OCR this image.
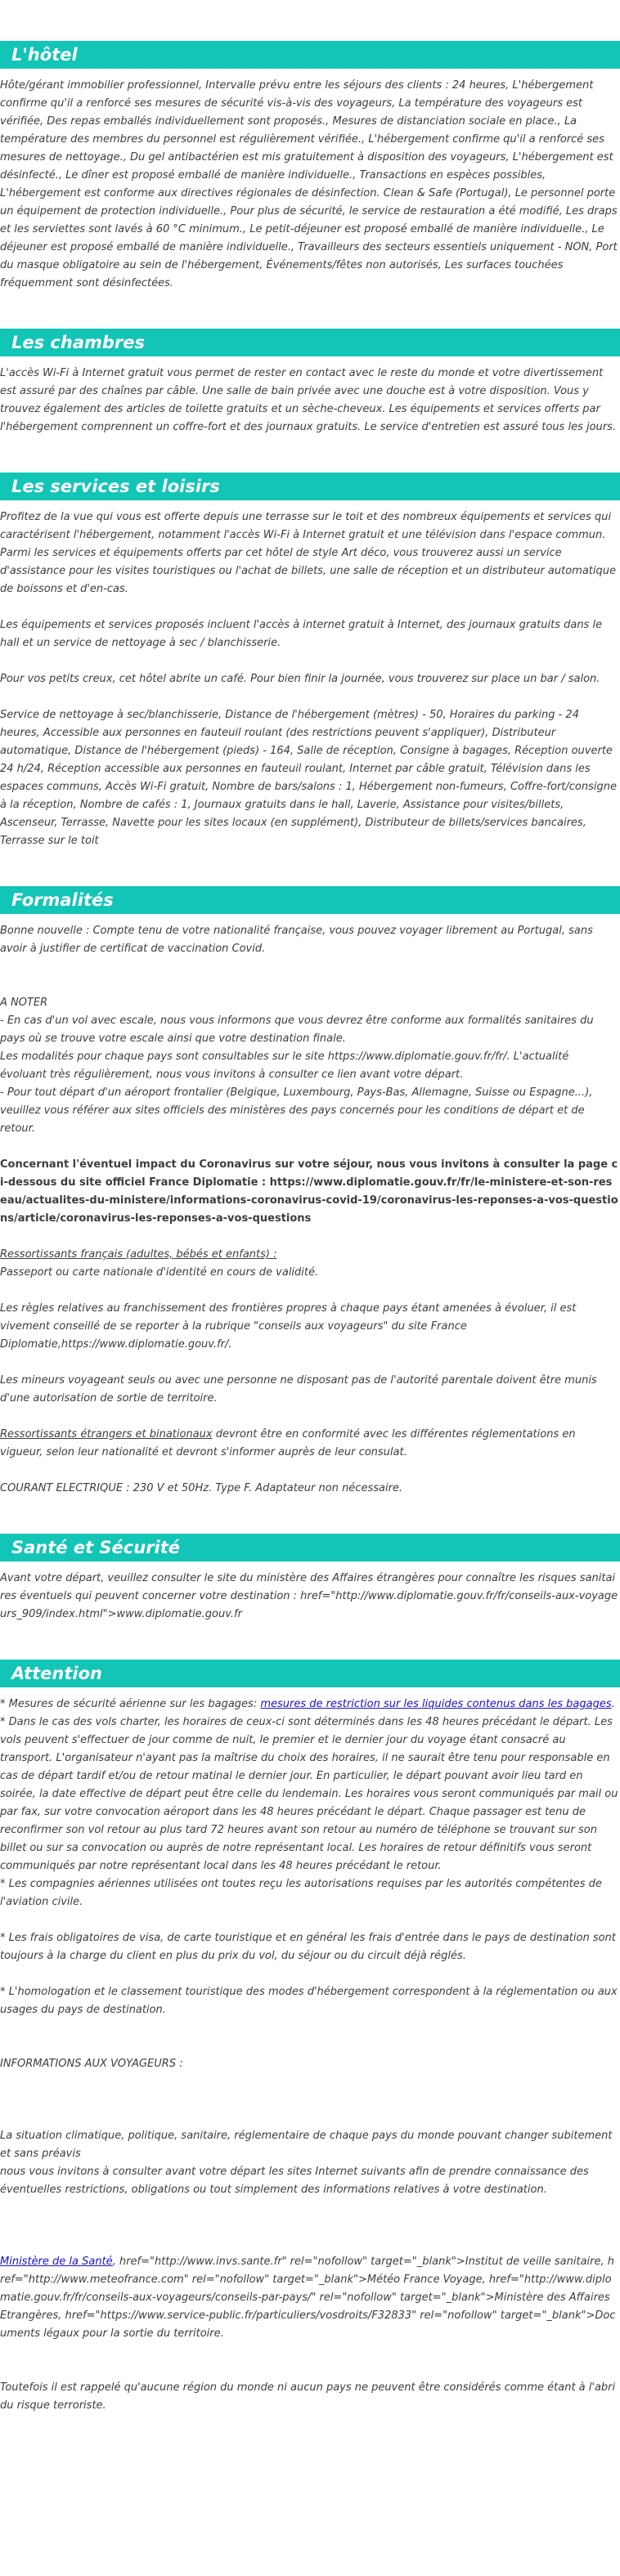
L'hôtel
Hôte/gérant immobilier professionnel, Intervalle prévu entre les séjours des clients : 24 heures, L'hébergement confirme qu'il a renforcé ses mesures de sécurité vis-à-vis des voyageurs, La température des voyageurs est vérifiée, Des repas emballés individuellement sont proposés., Mesures de distanciation sociale en place., La température des membres du personnel est régulièrement vérifiée., L'hébergement confirme qu'il a renforcé ses mesures de nettoyage., Du gel antibactérien est mis gratuitement à disposition des voyageurs, L'hébergement est désinfecté., Le dîner est proposé emballé de manière individuelle., Transactions en espèces possibles, L'hébergement est conforme aux directives régionales de désinfection. Clean & Safe (Portugal), Le personnel porte un équipement de protection individuelle., Pour plus de sécurité, le service de restauration a été modifié, Les draps et les serviettes sont lavés à 60 °C minimum., Le petit-déjeuner est proposé emballé de manière individuelle., Le déjeuner est proposé emballé de manière individuelle., Travailleurs des secteurs essentiels uniquement - NON, Port du masque obligatoire au sein de l'hébergement, Événements/fêtes non autorisés, Les surfaces touchées fréquemment sont désinfectées.
Les chambres
L'accès Wi-Fi à Internet gratuit vous permet de rester en contact avec le reste du monde et votre divertissement est assuré par des chaînes par câble. Une salle de bain privée avec une douche est à votre disposition. Vous y trouvez également des articles de toilette gratuits et un sèche-cheveux. Les équipements et services offerts par l'hébergement comprennent un coffre-fort et des journaux gratuits. Le service d'entretien est assuré tous les jours.
Les services et loisirs
Profitez de la vue qui vous est offerte depuis une terrasse sur le toit et des nombreux équipements et services qui caractérisent l'hébergement, notamment l'accès Wi-Fi à Internet gratuit et une télévision dans l'espace commun. Parmi les services et équipements offerts par cet hôtel de style Art déco, vous trouverez aussi un service d'assistance pour les visites touristiques ou l'achat de billets, une salle de réception et un distributeur automatique de boissons et d'en-cas.
Les équipements et services proposés incluent l'accès à internet gratuit à Internet, des journaux gratuits dans le hall et un service de nettoyage à sec / blanchisserie.
Pour vos petits creux, cet hôtel abrite un café. Pour bien finir la journée, vous trouverez sur place un bar / salon.
Service de nettoyage à sec/blanchisserie, Distance de l'hébergement (mètres) - 50, Horaires du parking - 24 heures, Accessible aux personnes en fauteuil roulant (des restrictions peuvent s'appliquer), Distributeur automatique, Distance de l'hébergement (pieds) - 164, Salle de réception, Consigne à bagages, Réception ouverte 24 h/24, Réception accessible aux personnes en fauteuil roulant, Internet par câble gratuit, Télévision dans les espaces communs, Accès Wi-Fi gratuit, Nombre de bars/salons : 1, Hébergement non-fumeurs, Coffre-fort/consigne à la réception, Nombre de cafés : 1, Journaux gratuits dans le hall, Laverie, Assistance pour visites/billets, Ascenseur, Terrasse, Navette pour les sites locaux (en supplément), Distributeur de billets/services bancaires, Terrasse sur le toit
Formalités
Bonne nouvelle : Compte tenu de votre nationalité française, vous pouvez voyager librement au Portugal, sans avoir à justifier de certificat de vaccination Covid.
A NOTER
- En cas d'un vol avec escale, nous vous informons que vous devrez être conforme aux formalités sanitaires du pays où se trouve votre escale ainsi que votre destination finale.
Les modalités pour chaque pays sont consultables sur le site https://www.diplomatie.gouv.fr/fr/. L'actualité évoluant très régulièrement, nous vous invitons à consulter ce lien avant votre départ.
- Pour tout départ d'un aéroport frontalier (Belgique, Luxembourg, Pays-Bas, Allemagne, Suisse ou Espagne...), veuillez vous référer aux sites officiels des ministères des pays concernés pour les conditions de départ et de retour.
Concernant l'éventuel impact du Coronavirus sur votre séjour, nous vous invitons à consulter la page ci-dessous du site officiel France Diplomatie : https://www.diplomatie.gouv.fr/fr/le-ministere-et-son-reseau/actualites-du-ministere/informations-coronavirus-covid-19/coronavirus-les-reponses-a-vos-questions/article/coronavirus-les-reponses-a-vos-questions
Ressortissants français (adultes, bébés et enfants) :
Passeport ou carte nationale d'identité en cours de validité.
Les règles relatives au franchissement des frontières propres à chaque pays étant amenées à évoluer, il est vivement conseillé de se reporter à la rubrique "conseils aux voyageurs" du site France Diplomatie,https://www.diplomatie.gouv.fr/.
Les mineurs voyageant seuls ou avec une personne ne disposant pas de l'autorité parentale doivent être munis d'une autorisation de sortie de territoire.
Ressortissants étrangers et binationaux devront être en conformité avec les différentes réglementations en vigueur, selon leur nationalité et devront s'informer auprès de leur consulat.
COURANT ELECTRIQUE : 230 V et 50Hz. Type F. Adaptateur non nécessaire.
Santé et Sécurité
Avant votre départ, veuillez consulter le site du ministère des Affaires étrangères pour connaître les risques sanitaires éventuels qui peuvent concerner votre destination : href="http://www.diplomatie.gouv.fr/fr/conseils-aux-voyageurs_909/index.html">www.diplomatie.gouv.fr
Attention
* Mesures de sécurité aérienne sur les bagages: mesures de restriction sur les liquides contenus dans les bagages.
* Dans le cas des vols charter, les horaires de ceux-ci sont déterminés dans les 48 heures précédant le départ. Les vols peuvent s'effectuer de jour comme de nuit, le premier et le dernier jour du voyage étant consacré au transport. L'organisateur n'ayant pas la maîtrise du choix des horaires, il ne saurait être tenu pour responsable en cas de départ tardif et/ou de retour matinal le dernier jour. En particulier, le départ pouvant avoir lieu tard en soirée, la date effective de départ peut être celle du lendemain. Les horaires vous seront communiqués par mail ou par fax, sur votre convocation aéroport dans les 48 heures précédant le départ. Chaque passager est tenu de reconfirmer son vol retour au plus tard 72 heures avant son retour au numéro de téléphone se trouvant sur son billet ou sur sa convocation ou auprès de notre représentant local. Les horaires de retour définitifs vous seront communiqués par notre représentant local dans les 48 heures précédant le retour.
* Les compagnies aériennes utilisées ont toutes reçu les autorisations requises par les autorités compétentes de l'aviation civile.
* Les frais obligatoires de visa, de carte touristique et en général les frais d'entrée dans le pays de destination sont toujours à la charge du client en plus du prix du vol, du séjour ou du circuit déjà réglés.
* L'homologation et le classement touristique des modes d'hébergement correspondent à la réglementation ou aux usages du pays de destination.
INFORMATIONS AUX VOYAGEURS :
La situation climatique, politique, sanitaire, réglementaire de chaque pays du monde pouvant changer subitement et sans préavis
nous vous invitons à consulter avant votre départ les sites Internet suivants afin de prendre connaissance des éventuelles restrictions, obligations ou tout simplement des informations relatives à votre destination.
Ministère de la Santé, href="http://www.invs.sante.fr" rel="nofollow" target="_blank">Institut de veille sanitaire, href="http://www.meteofrance.com" rel="nofollow" target="_blank">Météo France Voyage, href="http://www.diplomatie.gouv.fr/fr/conseils-aux-voyageurs/conseils-par-pays/" rel="nofollow" target="_blank">Ministère des Affaires Etrangères, href="https://www.service-public.fr/particuliers/vosdroits/F32833" rel="nofollow" target="_blank">Documents légaux pour la sortie du territoire.
Toutefois il est rappelé qu'aucune région du monde ni aucun pays ne peuvent être considérés comme étant à l'abri du risque terroriste.
